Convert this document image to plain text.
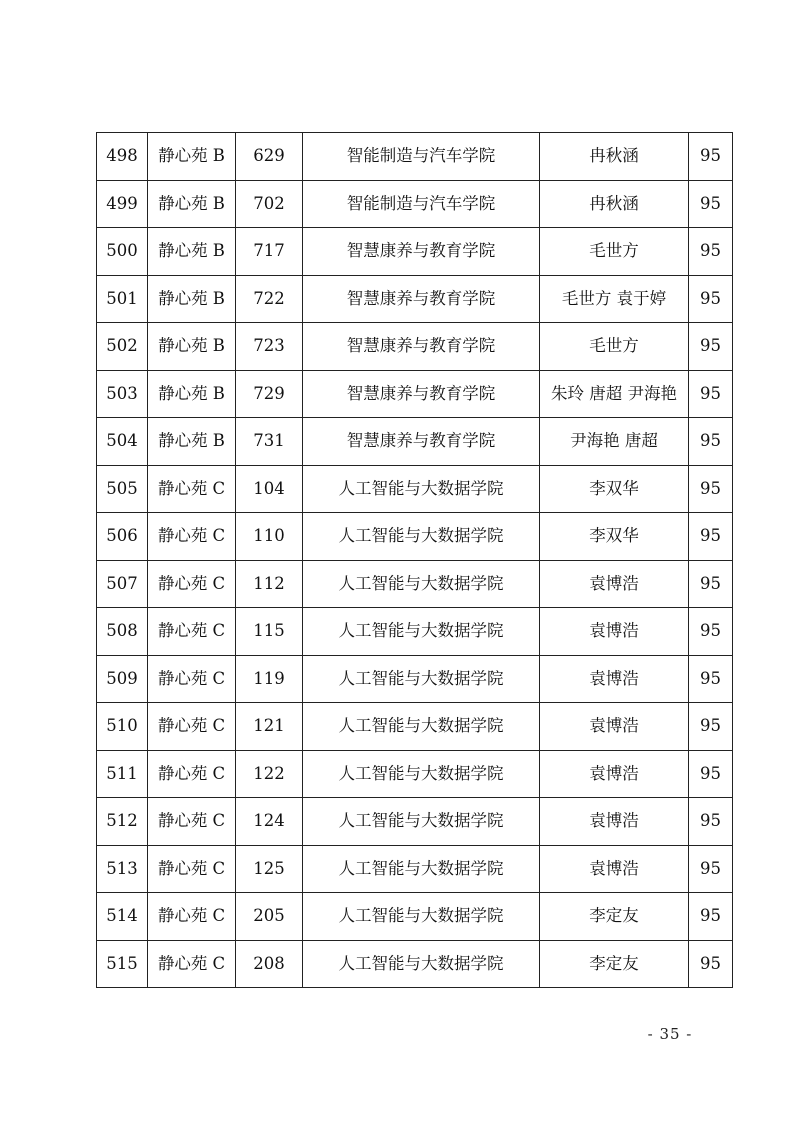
498	静心苑 B	629	智能制造与汽车学院	冉秋涵	95
499	静心苑 B	702	智能制造与汽车学院	冉秋涵	95
500	静心苑 B	717	智慧康养与教育学院	毛世方	95
501	静心苑 B	722	智慧康养与教育学院	毛世方 袁于婷	95
502	静心苑 B	723	智慧康养与教育学院	毛世方	95
503	静心苑 B	729	智慧康养与教育学院	朱玲 唐超 尹海艳	95
504	静心苑 B	731	智慧康养与教育学院	尹海艳 唐超	95
505	静心苑 C	104	人工智能与大数据学院	李双华	95
506	静心苑 C	110	人工智能与大数据学院	李双华	95
507	静心苑 C	112	人工智能与大数据学院	袁博浩	95
508	静心苑 C	115	人工智能与大数据学院	袁博浩	95
509	静心苑 C	119	人工智能与大数据学院	袁博浩	95
510	静心苑 C	121	人工智能与大数据学院	袁博浩	95
511	静心苑 C	122	人工智能与大数据学院	袁博浩	95
512	静心苑 C	124	人工智能与大数据学院	袁博浩	95
513	静心苑 C	125	人工智能与大数据学院	袁博浩	95
514	静心苑 C	205	人工智能与大数据学院	李定友	95
515	静心苑 C	208	人工智能与大数据学院	李定友	95
- 35 -
